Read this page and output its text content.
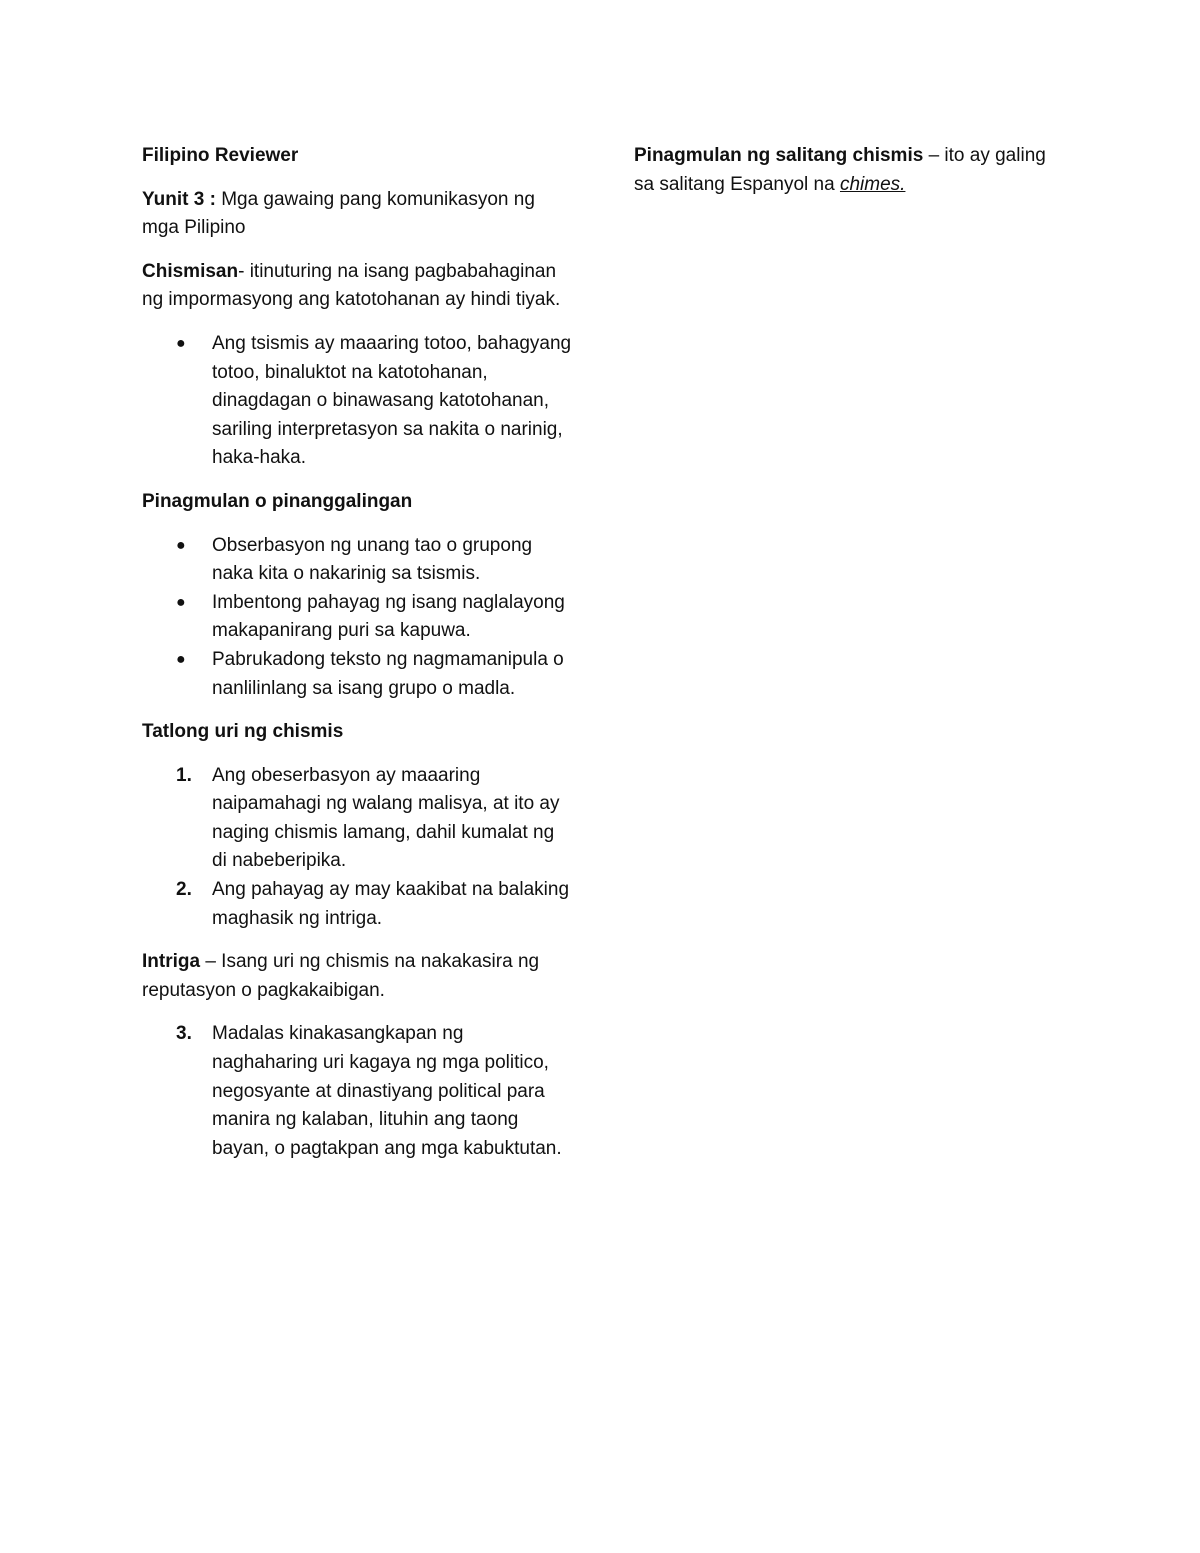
Filipino Reviewer

Yunit 3 : Mga gawaing pang komunikasyon ng mga Pilipino

Chismisan- itinuturing na isang pagbabahaginan ng impormasyong ang katotohanan ay hindi tiyak.

● Ang tsismis ay maaaring totoo, bahagyang totoo, binaluktot na katotohanan, dinagdagan o binawasang katotohanan, sariling interpretasyon sa nakita o narinig, haka-haka.

Pinagmulan o pinanggalingan

● Obserbasyon ng unang tao o grupong naka kita o nakarinig sa tsismis.
● Imbentong pahayag ng isang naglalayong makapanirang puri sa kapuwa.
● Pabrukadong teksto ng nagmamanipula o nanlilinlang sa isang grupo o madla.

Tatlong uri ng chismis

1. Ang obeserbasyon ay maaaring naipamahagi ng walang malisya, at ito ay naging chismis lamang, dahil kumalat ng di nabeberipika.
2. Ang pahayag ay may kaakibat na balaking maghasik ng intriga.

Intriga – Isang uri ng chismis na nakakasira ng reputasyon o pagkakaibigan.

3. Madalas kinakasangkapan ng naghaharing uri kagaya ng mga politico, negosyante at dinastiyang political para manira ng kalaban, lituhin ang taong bayan, o pagtakpan ang mga kabuktutan.

Pinagmulan ng salitang chismis – ito ay galing sa salitang Espanyol na chimes.
